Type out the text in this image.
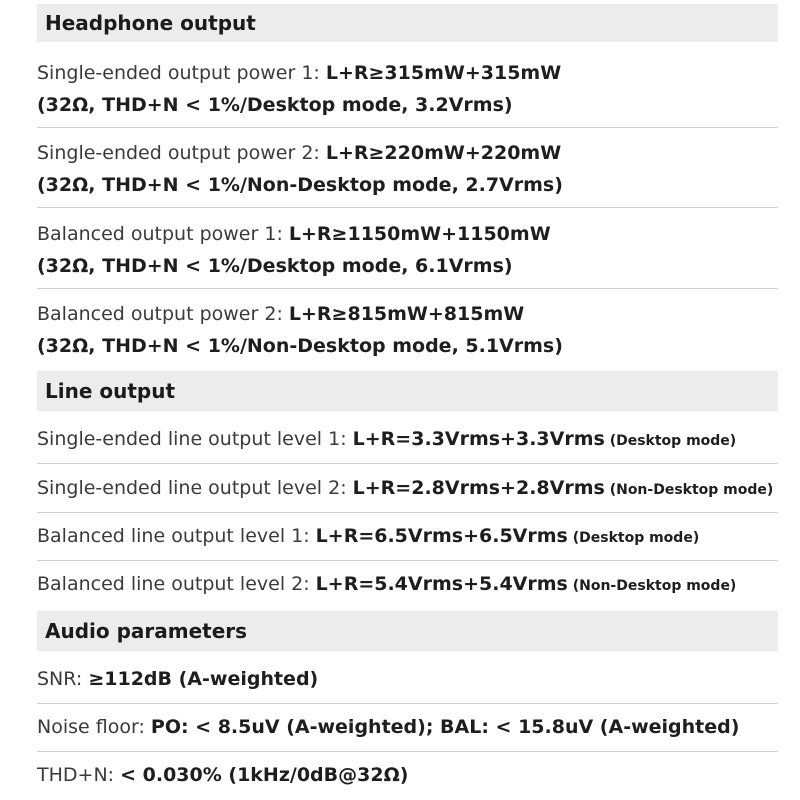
Headphone output
Single-ended output power 1: L+R≥315mW+315mW
(32Ω, THD+N < 1%/Desktop mode, 3.2Vrms)
Single-ended output power 2: L+R≥220mW+220mW
(32Ω, THD+N < 1%/Non-Desktop mode, 2.7Vrms)
Balanced output power 1: L+R≥1150mW+1150mW
(32Ω, THD+N < 1%/Desktop mode, 6.1Vrms)
Balanced output power 2: L+R≥815mW+815mW
(32Ω, THD+N < 1%/Non-Desktop mode, 5.1Vrms)
Line output
Single-ended line output level 1: L+R=3.3Vrms+3.3Vrms (Desktop mode)
Single-ended line output level 2: L+R=2.8Vrms+2.8Vrms (Non-Desktop mode)
Balanced line output level 1: L+R=6.5Vrms+6.5Vrms (Desktop mode)
Balanced line output level 2: L+R=5.4Vrms+5.4Vrms (Non-Desktop mode)
Audio parameters
SNR: ≥112dB (A-weighted)
Noise floor: PO: < 8.5uV (A-weighted); BAL: < 15.8uV (A-weighted)
THD+N: < 0.030% (1kHz/0dB@32Ω)
